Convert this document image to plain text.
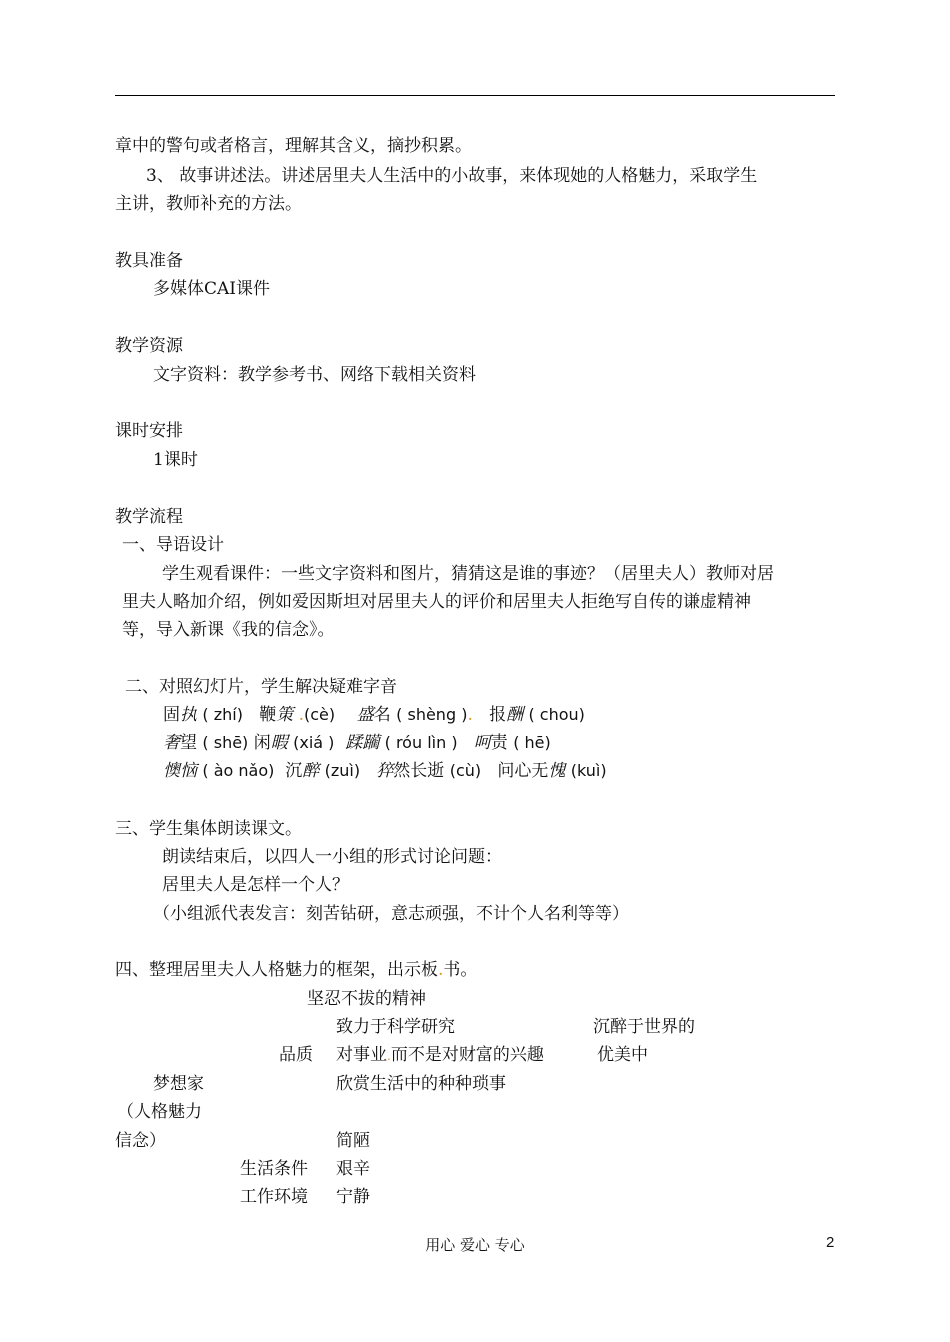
章中的警句或者格言，理解其含义，摘抄积累。
3、 故事讲述法。讲述居里夫人生活中的小故事，来体现她的人格魅力，采取学生
主讲，教师补充的方法。
教具准备
多媒体CAI课件
教学资源
文字资料：教学参考书、网络下载相关资料
课时安排
1课时
教学流程
一、导语设计
学生观看课件：一些文字资料和图片，猜猜这是谁的事迹？（居里夫人）教师对居
里夫人略加介绍，例如爱因斯坦对居里夫人的评价和居里夫人拒绝写自传的谦虚精神
等，导入新课《我的信念》。
二、对照幻灯片，学生解决疑难字音
固执 ( zhí) 鞭策 .(cè) 盛名 ( shèng ). 报酬 ( chou)
奢望 ( shē) 闲暇 (xiá ) 蹂躏 ( róu lìn ) 呵责 ( hē)
懊恼 ( ào nǎo) 沉醉 (zuì) 猝然长逝 (cù) 问心无愧 (kuì)
三、学生集体朗读课文。
朗读结束后，以四人一小组的形式讨论问题：
居里夫人是怎样一个人？
（小组派代表发言：刻苦钻研，意志顽强，不计个人名利等等）
四、整理居里夫人人格魅力的框架，出示板.书。
坚忍不拔的精神
致力于科学研究	沉醉于世界的
品质 对事业.而不是对财富的兴趣	优美中
梦想家	欣赏生活中的种种琐事
（人格魅力
信念）	简陋
生活条件 艰辛
工作环境 宁静
用心 爱心 专心	2
